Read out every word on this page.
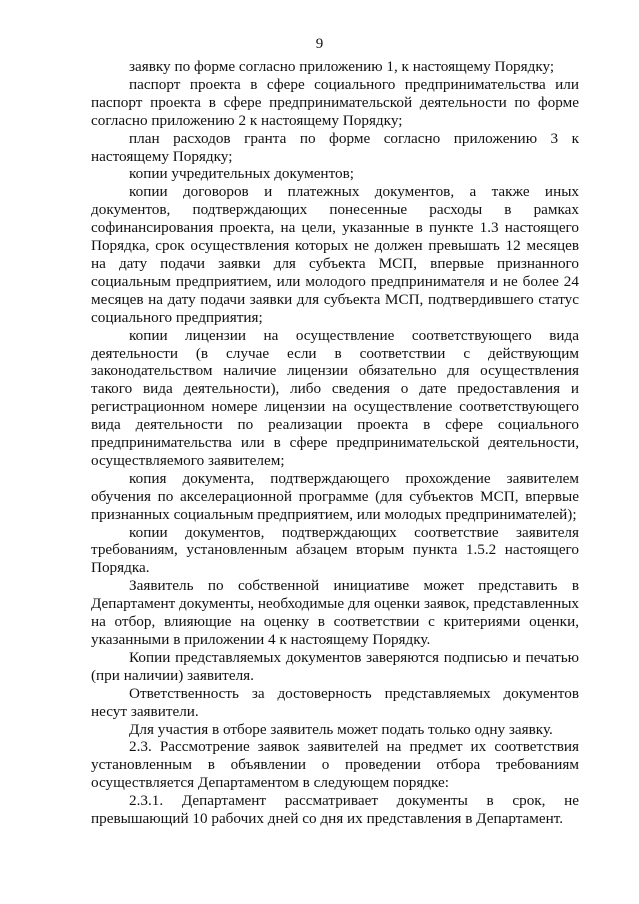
9

заявку по форме согласно приложению 1, к настоящему Порядку;

паспорт проекта в сфере социального предпринимательства или паспорт проекта в сфере предпринимательской деятельности по форме согласно приложению 2 к настоящему Порядку;

план расходов гранта по форме согласно приложению 3 к настоящему Порядку;

копии учредительных документов;

копии договоров и платежных документов, а также иных документов, подтверждающих понесенные расходы в рамках софинансирования проекта, на цели, указанные в пункте 1.3 настоящего Порядка, срок осуществления которых не должен превышать 12 месяцев на дату подачи заявки для субъекта МСП, впервые признанного социальным предприятием, или молодого предпринимателя и не более 24 месяцев на дату подачи заявки для субъекта МСП, подтвердившего статус социального предприятия;

копии лицензии на осуществление соответствующего вида деятельности (в случае если в соответствии с действующим законодательством наличие лицензии обязательно для осуществления такого вида деятельности), либо сведения о дате предоставления и регистрационном номере лицензии на осуществление соответствующего вида деятельности по реализации проекта в сфере социального предпринимательства или в сфере предпринимательской деятельности, осуществляемого заявителем;

копия документа, подтверждающего прохождение заявителем обучения по акселерационной программе (для субъектов МСП, впервые признанных социальным предприятием, или молодых предпринимателей);

копии документов, подтверждающих соответствие заявителя требованиям, установленным абзацем вторым пункта 1.5.2 настоящего Порядка.

Заявитель по собственной инициативе может представить в Департамент документы, необходимые для оценки заявок, представленных на отбор, влияющие на оценку в соответствии с критериями оценки, указанными в приложении 4 к настоящему Порядку.

Копии представляемых документов заверяются подписью и печатью (при наличии) заявителя.

Ответственность за достоверность представляемых документов несут заявители.

Для участия в отборе заявитель может подать только одну заявку.

2.3. Рассмотрение заявок заявителей на предмет их соответствия установленным в объявлении о проведении отбора требованиям осуществляется Департаментом в следующем порядке:

2.3.1. Департамент рассматривает документы в срок, не превышающий 10 рабочих дней со дня их представления в Департамент.
